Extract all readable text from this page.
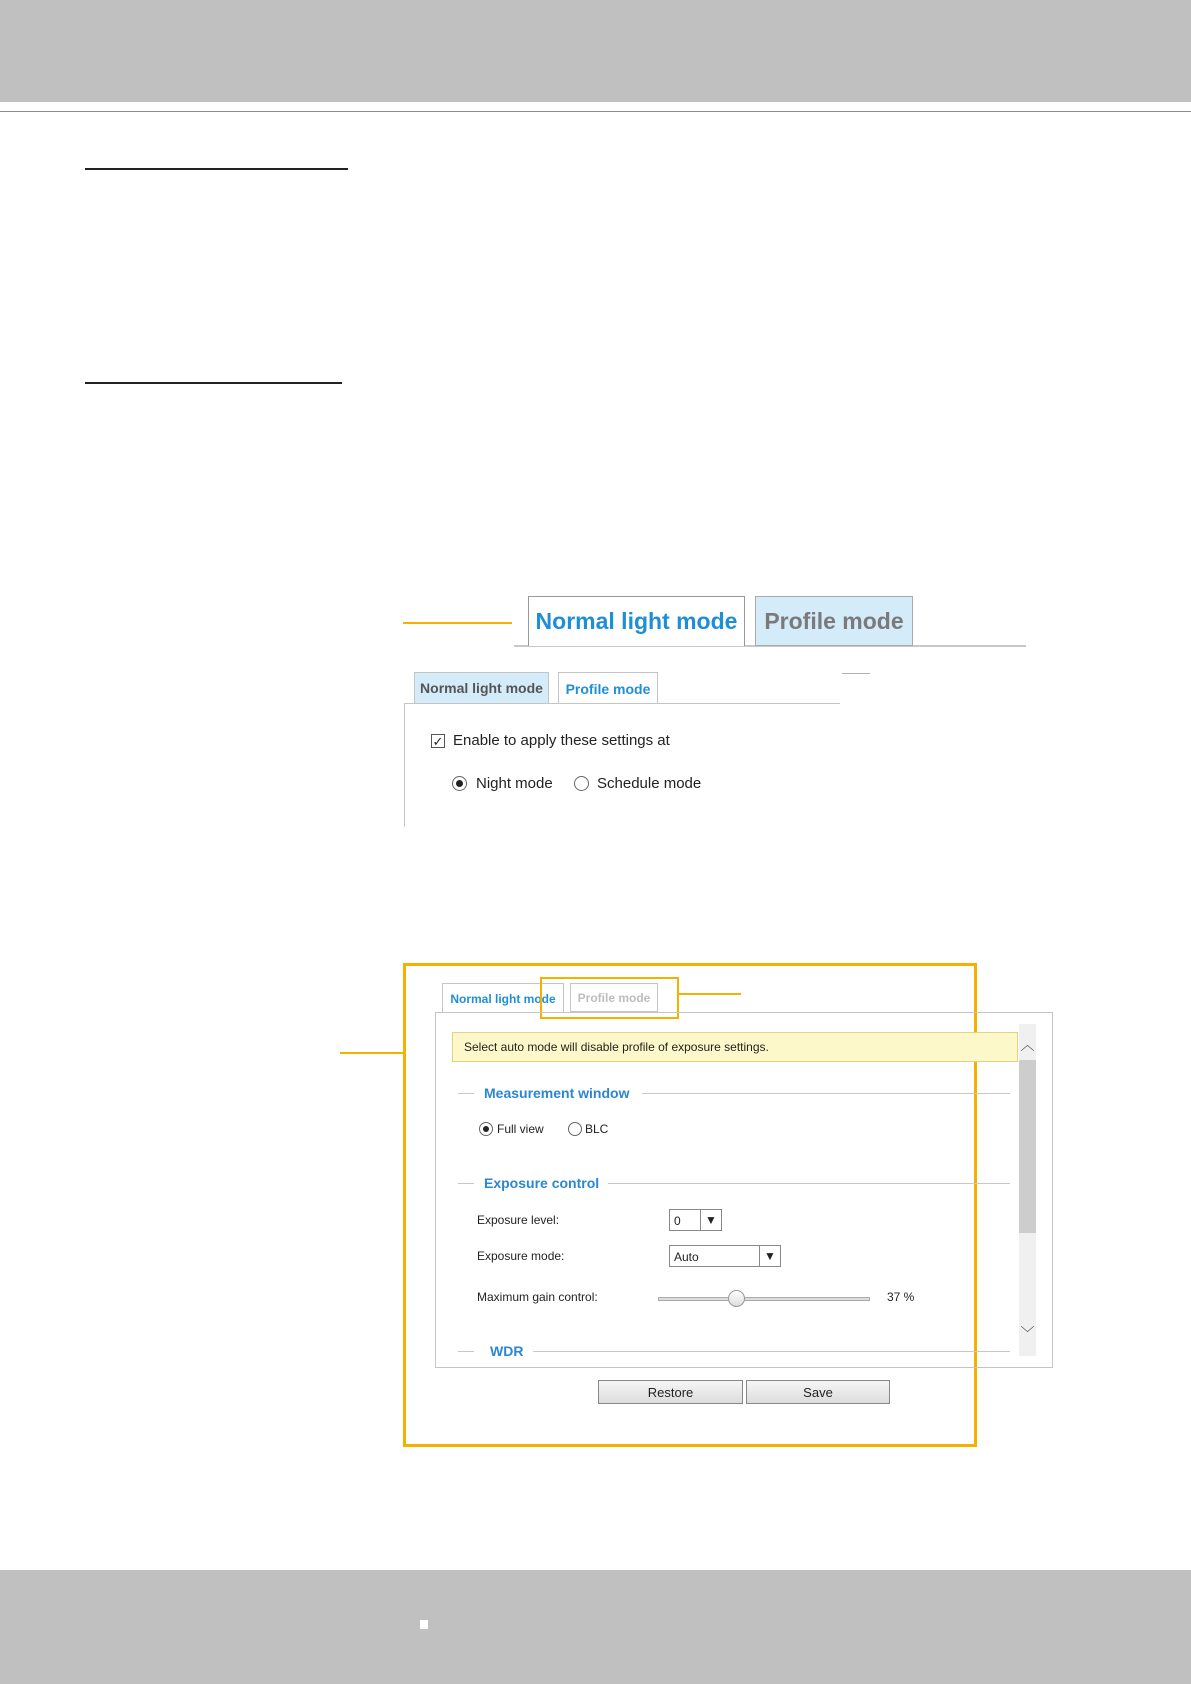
Normal light mode	Profile mode
Normal light mode	Profile mode
✓ Enable to apply these settings at
Night mode	Schedule mode
Normal light mode	Profile mode
Select auto mode will disable profile of exposure settings.	︿
﹀
Measurement window
Full view	BLC
Exposure control
Exposure level:	0	▼
Exposure mode:	Auto	▼
Maximum gain control:	37 %
WDR
Restore	Save
